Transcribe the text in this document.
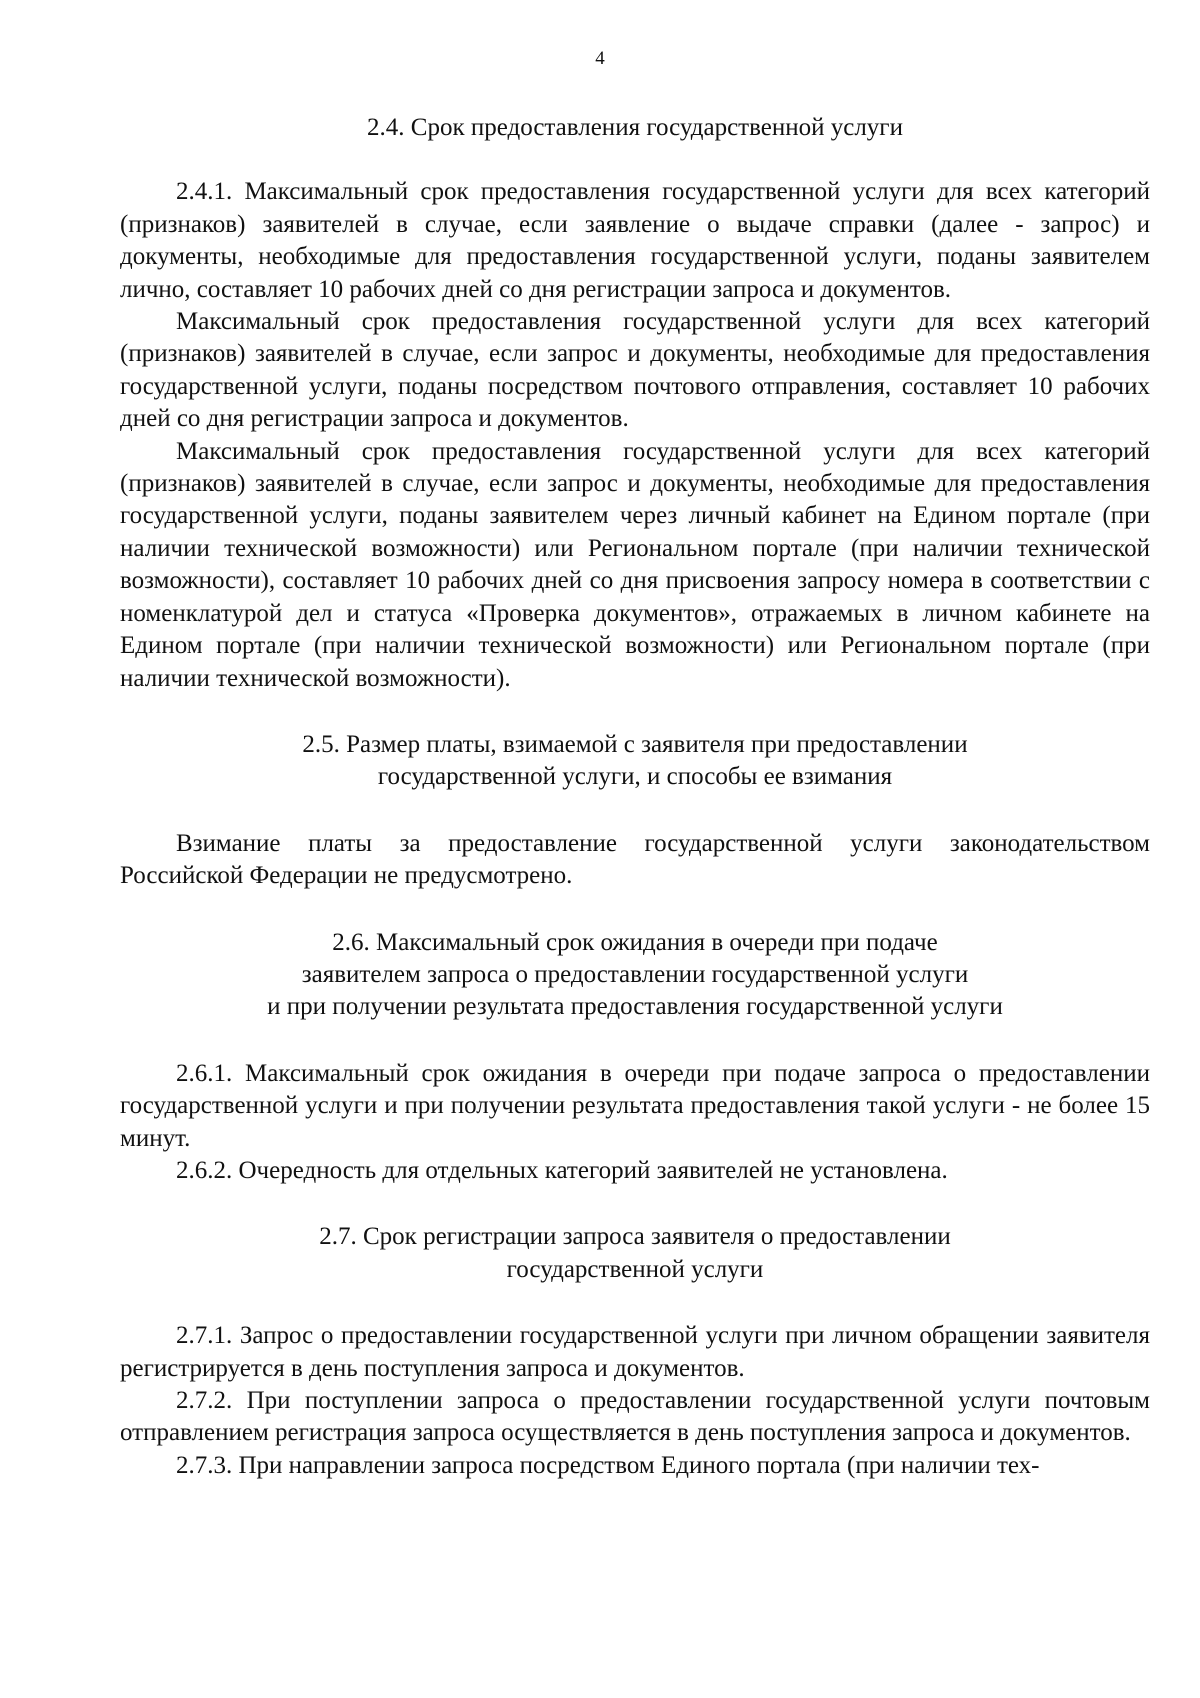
4

2.4. Срок предоставления государственной услуги

2.4.1. Максимальный срок предоставления государственной услуги для всех категорий (признаков) заявителей в случае, если заявление о выдаче справки (далее - запрос) и документы, необходимые для предоставления государственной услуги, поданы заявителем лично, составляет 10 рабочих дней со дня регистрации запроса и документов.

Максимальный срок предоставления государственной услуги для всех категорий (признаков) заявителей в случае, если запрос и документы, необходимые для предоставления государственной услуги, поданы посредством почтового отправления, составляет 10 рабочих дней со дня регистрации запроса и документов.

Максимальный срок предоставления государственной услуги для всех категорий (признаков) заявителей в случае, если запрос и документы, необходимые для предоставления государственной услуги, поданы заявителем через личный кабинет на Едином портале (при наличии технической возможности) или Региональном портале (при наличии технической возможности), составляет 10 рабочих дней со дня присвоения запросу номера в соответствии с номенклатурой дел и статуса «Проверка документов», отражаемых в личном кабинете на Едином портале (при наличии технической возможности) или Региональном портале (при наличии технической возможности).

2.5. Размер платы, взимаемой с заявителя при предоставлении
государственной услуги, и способы ее взимания

Взимание платы за предоставление государственной услуги законодательством Российской Федерации не предусмотрено.

2.6. Максимальный срок ожидания в очереди при подаче
заявителем запроса о предоставлении государственной услуги
и при получении результата предоставления государственной услуги

2.6.1. Максимальный срок ожидания в очереди при подаче запроса о предоставлении государственной услуги и при получении результата предоставления такой услуги - не более 15 минут.

2.6.2. Очередность для отдельных категорий заявителей не установлена.

2.7. Срок регистрации запроса заявителя о предоставлении
государственной услуги

2.7.1. Запрос о предоставлении государственной услуги при личном обращении заявителя регистрируется в день поступления запроса и документов.

2.7.2. При поступлении запроса о предоставлении государственной услуги почтовым отправлением регистрация запроса осуществляется в день поступления запроса и документов.

2.7.3. При направлении запроса посредством Единого портала (при наличии тех-
